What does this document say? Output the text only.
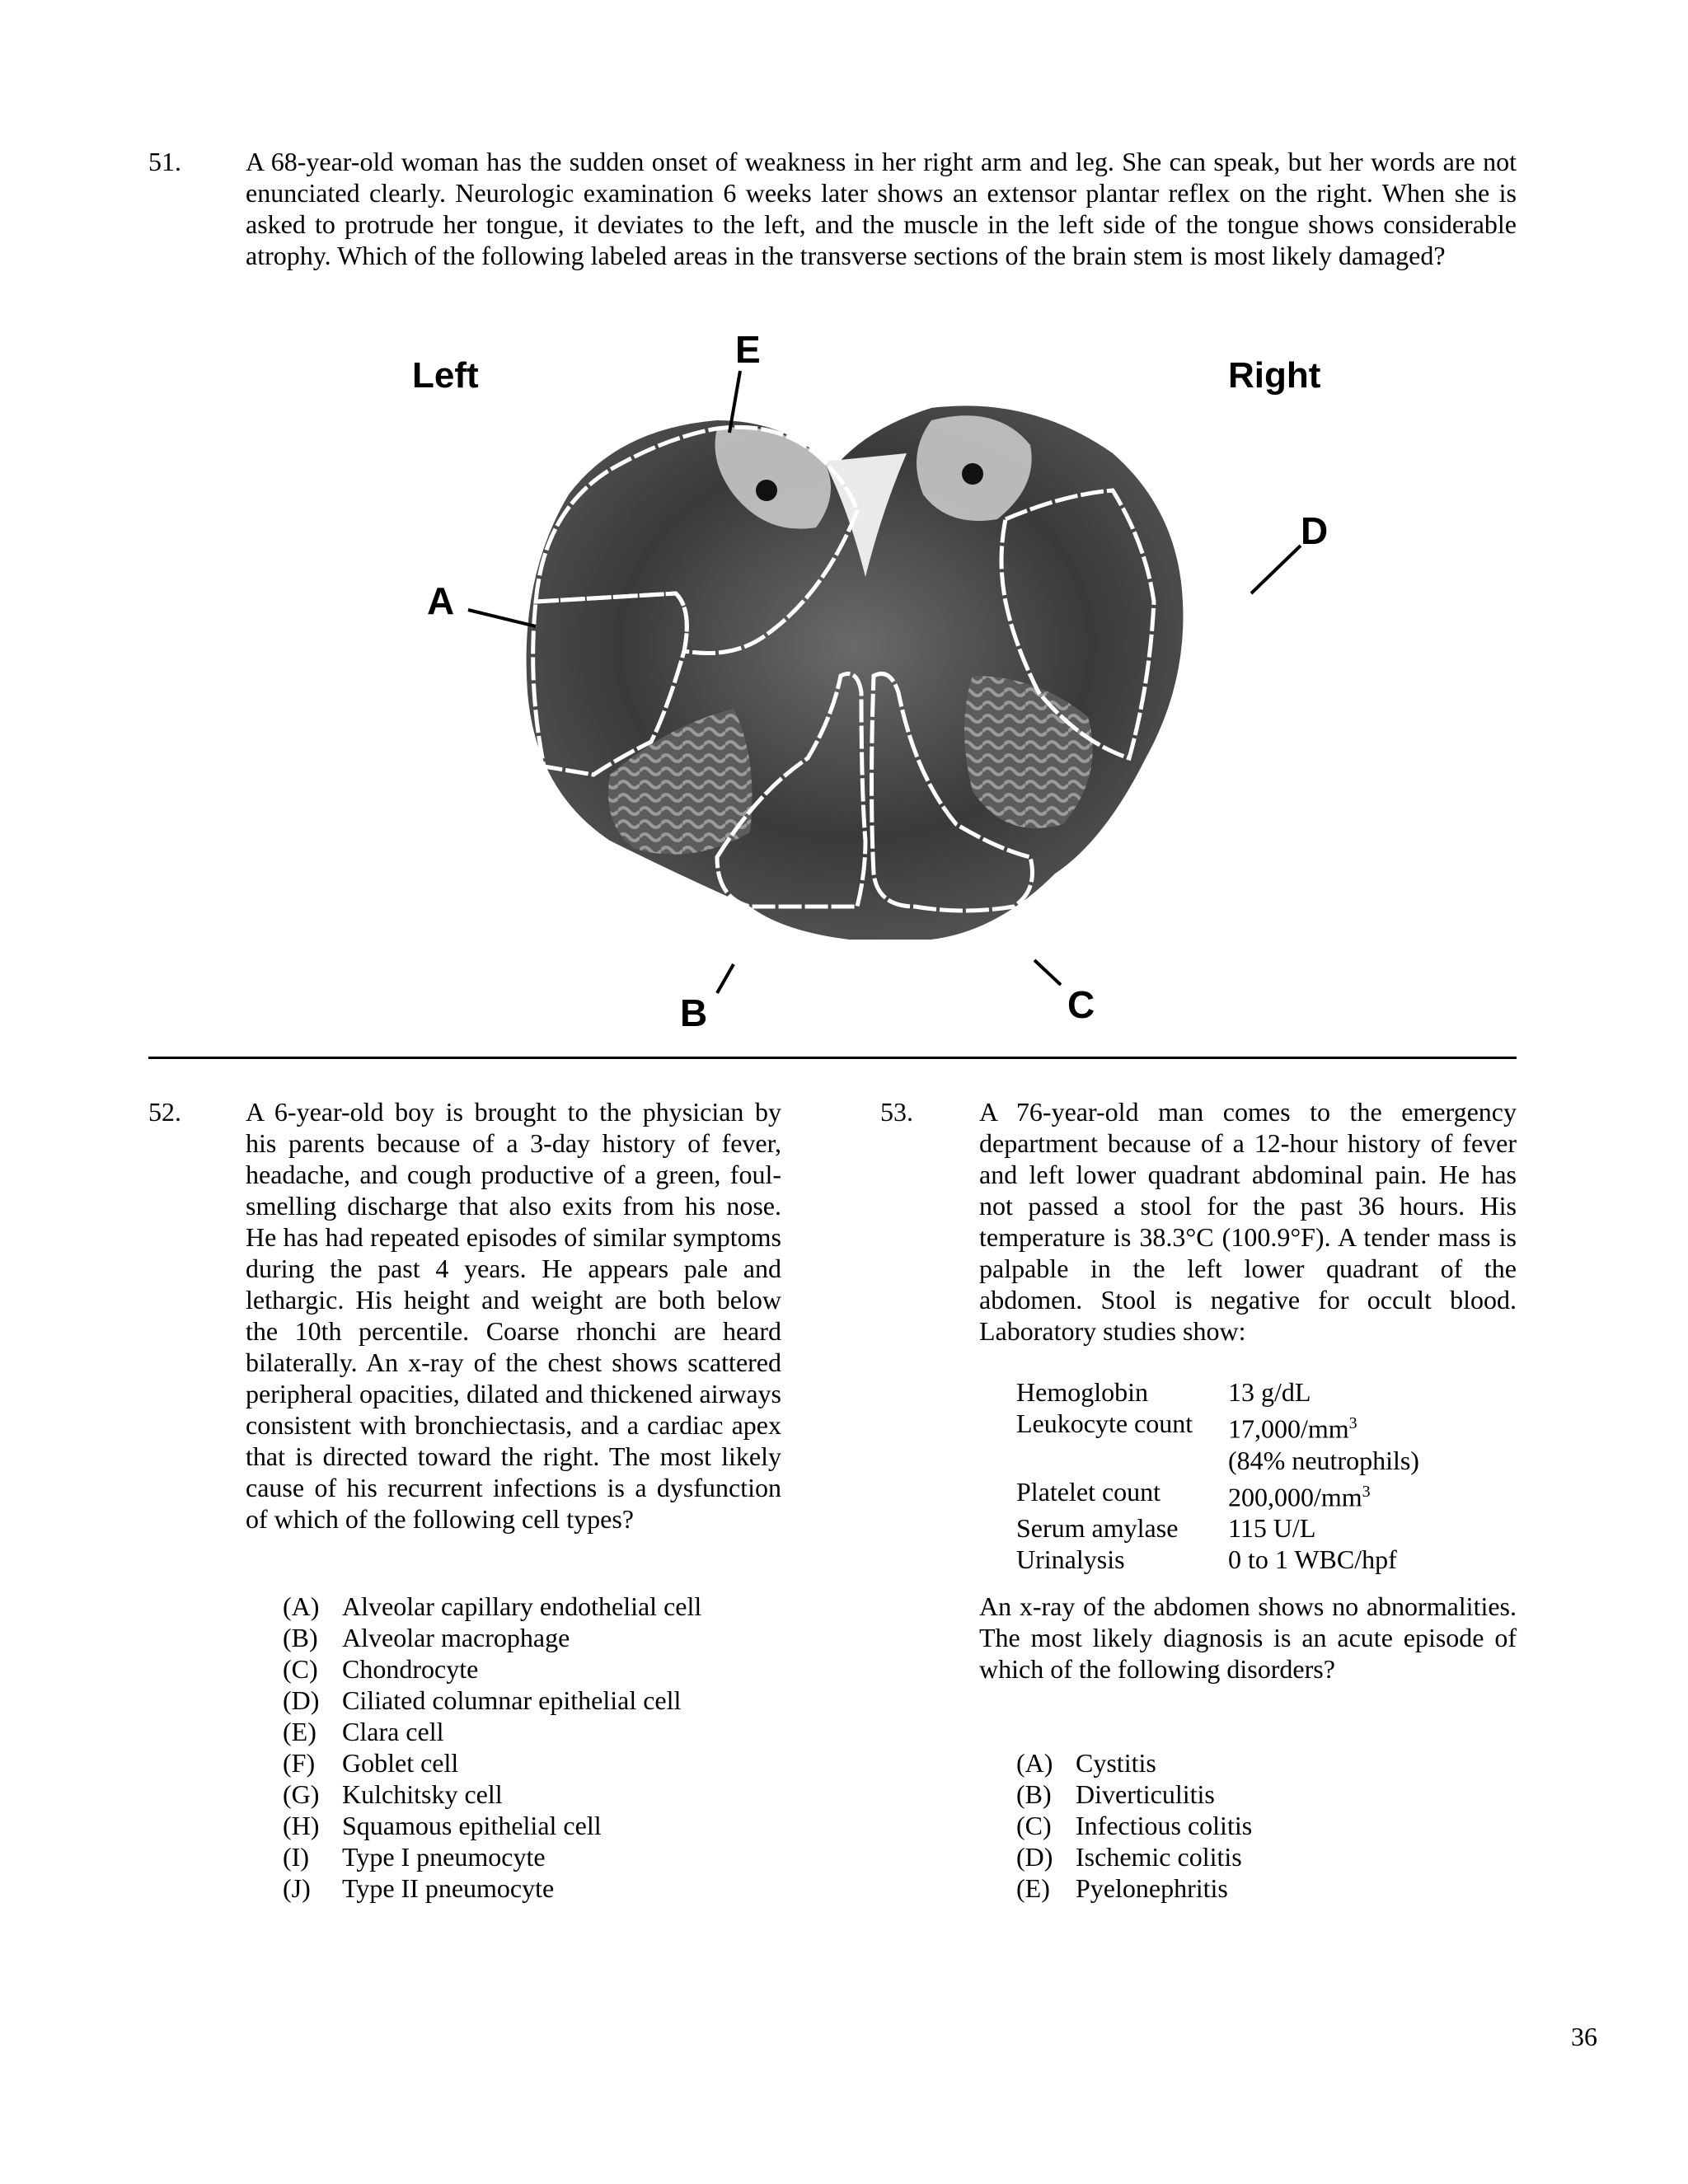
51. A 68-year-old woman has the sudden onset of weakness in her right arm and leg. She can speak, but her words are not enunciated clearly. Neurologic examination 6 weeks later shows an extensor plantar reflex on the right. When she is asked to protrude her tongue, it deviates to the left, and the muscle in the left side of the tongue shows considerable atrophy. Which of the following labeled areas in the transverse sections of the brain stem is most likely damaged?
Left	Right
A
E
D
B	C
52. A 6-year-old boy is brought to the physician by his parents because of a 3-day history of fever, headache, and cough productive of a green, foul-smelling discharge that also exits from his nose. He has had repeated episodes of similar symptoms during the past 4 years. He appears pale and lethargic. His height and weight are both below the 10th percentile. Coarse rhonchi are heard bilaterally. An x-ray of the chest shows scattered peripheral opacities, dilated and thickened airways consistent with bronchiectasis, and a cardiac apex that is directed toward the right. The most likely cause of his recurrent infections is a dysfunction of which of the following cell types?
(A) Alveolar capillary endothelial cell
(B) Alveolar macrophage
(C) Chondrocyte
(D) Ciliated columnar epithelial cell
(E) Clara cell
(F)	Goblet cell
(G) Kulchitsky cell
(H) Squamous epithelial cell
(I)	Type I pneumocyte
(J)	Type II pneumocyte
53.	A 76-year-old man comes to the emergency department because of a 12-hour history of fever and left lower quadrant abdominal pain. He has not passed a stool for the past 36 hours. His temperature is 38.3°C (100.9°F). A tender mass is palpable in the left lower quadrant of the abdomen. Stool is negative for occult blood. Laboratory studies show:
Hemoglobin	13 g/dL
Leukocyte count	$17,000/mm^3$
(84% neutrophils)
Platelet count	$200,000/mm^3$
Serum amylase	115 U/L
Urinalysis	0 to 1 WBC/hpf
An x-ray of the abdomen shows no abnormalities. The most likely diagnosis is an acute episode of which of the following disorders?
(A) Cystitis
(B) Diverticulitis
(C) Infectious colitis
(D) Ischemic colitis
(E) Pyelonephritis
36
